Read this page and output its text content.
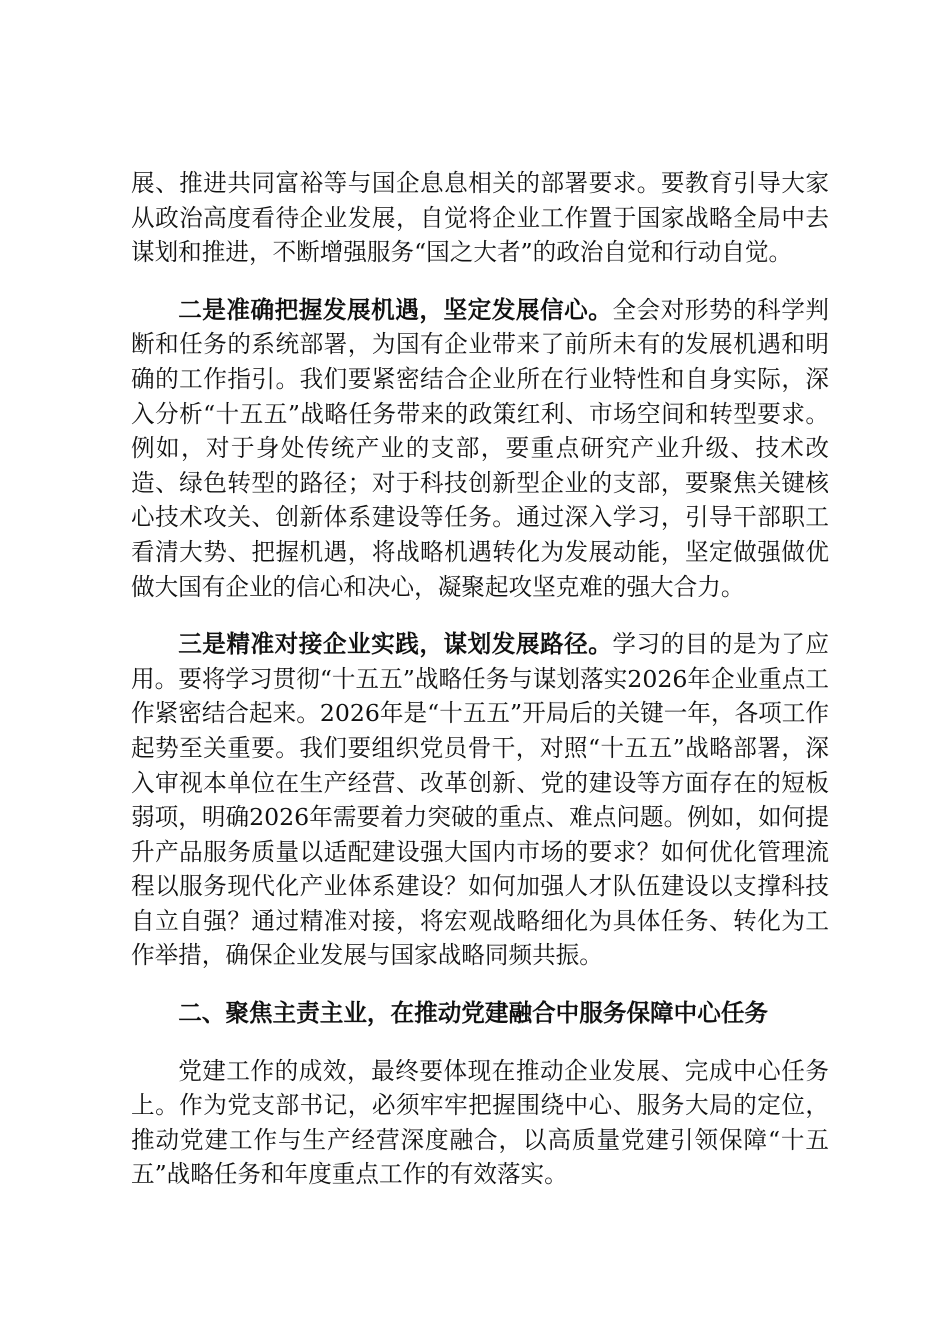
展、推进共同富裕等与国企息息相关的部署要求。要教育引导大家从政治高度看待企业发展，自觉将企业工作置于国家战略全局中去谋划和推进，不断增强服务“国之大者”的政治自觉和行动自觉。

二是准确把握发展机遇，坚定发展信心。全会对形势的科学判断和任务的系统部署，为国有企业带来了前所未有的发展机遇和明确的工作指引。我们要紧密结合企业所在行业特性和自身实际，深入分析“十五五”战略任务带来的政策红利、市场空间和转型要求。例如，对于身处传统产业的支部，要重点研究产业升级、技术改造、绿色转型的路径；对于科技创新型企业的支部，要聚焦关键核心技术攻关、创新体系建设等任务。通过深入学习，引导干部职工看清大势、把握机遇，将战略机遇转化为发展动能，坚定做强做优做大国有企业的信心和决心，凝聚起攻坚克难的强大合力。

三是精准对接企业实践，谋划发展路径。学习的目的是为了应用。要将学习贯彻“十五五”战略任务与谋划落实2026年企业重点工作紧密结合起来。2026年是“十五五”开局后的关键一年，各项工作起势至关重要。我们要组织党员骨干，对照“十五五”战略部署，深入审视本单位在生产经营、改革创新、党的建设等方面存在的短板弱项，明确2026年需要着力突破的重点、难点问题。例如，如何提升产品服务质量以适配建设强大国内市场的要求？如何优化管理流程以服务现代化产业体系建设？如何加强人才队伍建设以支撑科技自立自强？通过精准对接，将宏观战略细化为具体任务、转化为工作举措，确保企业发展与国家战略同频共振。

二、聚焦主责主业，在推动党建融合中服务保障中心任务

党建工作的成效，最终要体现在推动企业发展、完成中心任务上。作为党支部书记，必须牢牢把握围绕中心、服务大局的定位，推动党建工作与生产经营深度融合，以高质量党建引领保障“十五五”战略任务和年度重点工作的有效落实。
